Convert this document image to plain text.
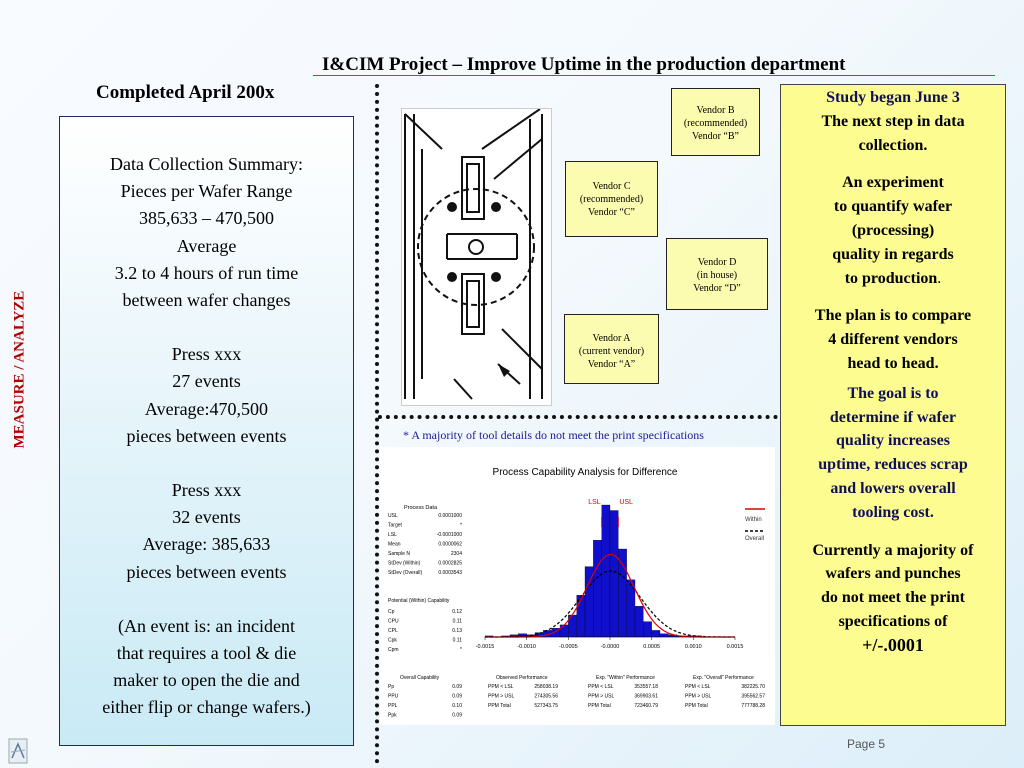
I&CIM Project – Improve Uptime in the production department
Completed April 200x
MEASURE / ANALYZE
Data Collection Summary:
Pieces per Wafer Range
385,633 – 470,500
Average
3.2 to 4 hours of run time
between wafer changes
Press xxx
27 events
Average:470,500
pieces between events
Press xxx
32 events
Average: 385,633
pieces between events
(An event is: an incident
that requires a tool & die
maker to open the die and
either flip or change wafers.)
Vendor B
(recommended)
Vendor “B”
Vendor C
(recommended)
Vendor “C”
Vendor D
(in house)
Vendor “D”
Vendor A
(current vendor)
Vendor “A”
* A majority of tool details do not meet the print specifications
Process Capability Analysis for Difference
Process Data
USL	0.0001000
Target	*
LSL	-0.0001000
Mean	0.0000062
Sample N	2304
StDev (Within)	0.0002825
StDev (Overall)	0.0003543
Potential (Within) Capability
Cp	0.12
CPU	0.11
CPL	0.13
Cpk	0.11
Cpm	*
Overall Capability
Pp	0.09
PPU	0.09
PPL	0.10
Ppk	0.09
Observed Performance
PPM < LSL	258038.19
PPM > USL	274305.56
PPM Total	527343.75
Exp. "Within" Performance
PPM < LSL	353557.18
PPM > USL	369903.61
PPM Total	723460.79
Exp. "Overall" Performance
PPM < LSL	382225.70
PPM > USL	395562.57
PPM Total	777788.28
-0.0015	-0.0010	-0.0005	-0.0000	0.0005	0.0010	0.0015
LSL	USL
Within
Overall
Study began June 3
The next step in data
collection.
An experiment
to quantify wafer
(processing)
quality in regards
to production.
The plan is to compare
4 different vendors
head to head.
The goal is to
determine if wafer
quality increases
uptime, reduces scrap
and lowers overall
tooling cost.
Currently a majority of
wafers and punches
do not meet the print
specifications of
+/-.0001
Page 5
